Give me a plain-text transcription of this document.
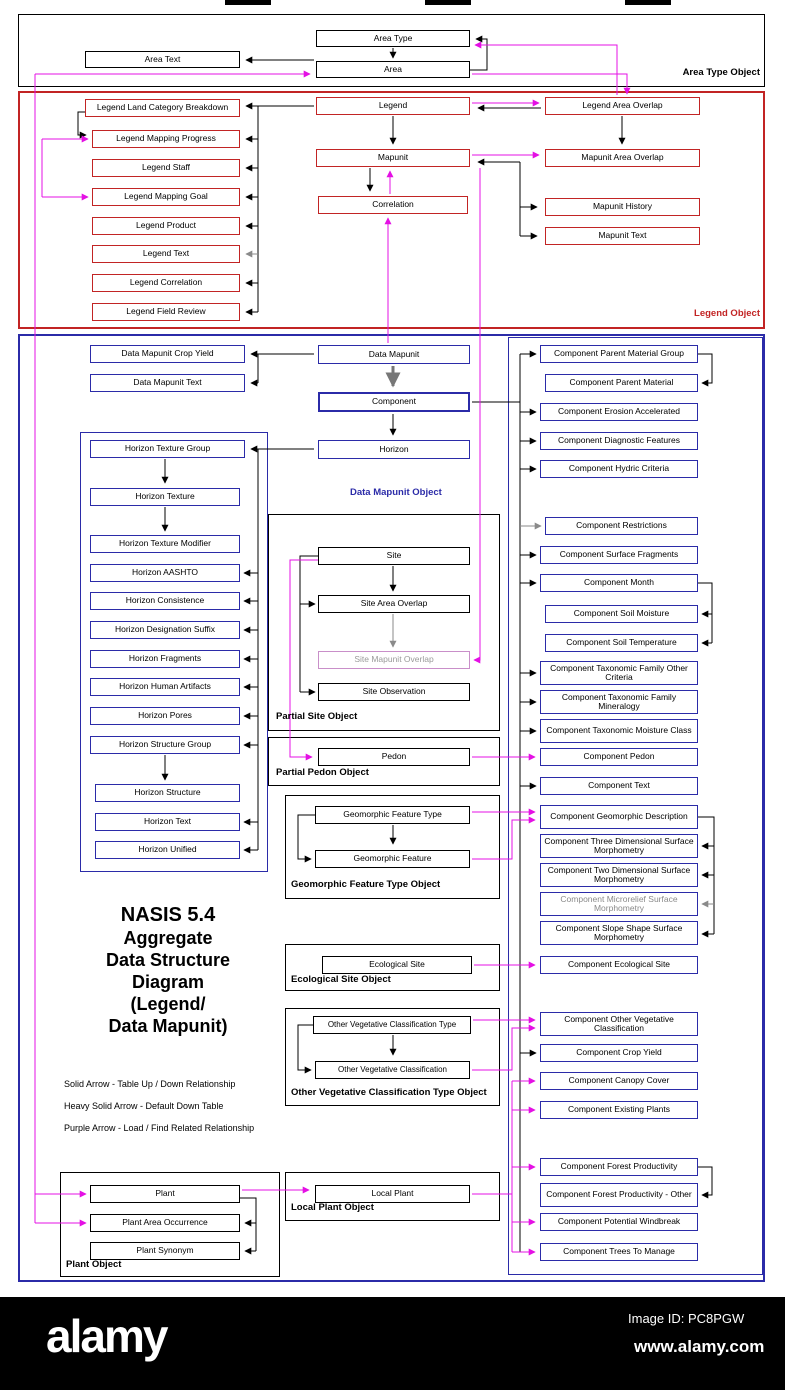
Area Type
Area Text
Area
Legend Land Category Breakdown
Legend Mapping Progress
Legend Staff
Legend Mapping Goal
Legend Product
Legend Text
Legend Correlation
Legend Field Review
Legend
Mapunit
Correlation
Legend Area Overlap
Mapunit Area Overlap
Mapunit History
Mapunit Text
Data Mapunit
Component
Horizon
Data Mapunit Crop Yield
Data Mapunit Text
Horizon Texture Group
Horizon Texture
Horizon Texture Modifier
Horizon AASHTO
Horizon Consistence
Horizon Designation Suffix
Horizon Fragments
Horizon Human Artifacts
Horizon Pores
Horizon Structure Group
Horizon Structure
Horizon Text
Horizon Unified
Site
Site Area Overlap
Site Mapunit Overlap
Site Observation
Pedon
Geomorphic Feature Type
Geomorphic Feature
Ecological Site
Other Vegetative Classification Type
Other Vegetative Classification
Plant
Plant Area Occurrence
Plant Synonym
Local Plant
Component Parent Material Group
Component Parent Material
Component Erosion Accelerated
Component Diagnostic Features
Component Hydric Criteria
Component Restrictions
Component Surface Fragments
Component Month
Component Soil Moisture
Component Soil Temperature
Component Taxonomic Family Other Criteria
Component Taxonomic Family Mineralogy
Component Taxonomic Moisture Class
Component Pedon
Component Text
Component Geomorphic Description
Component Three Dimensional Surface Morphometry
Component Two Dimensional Surface Morphometry
Component Microrelief Surface Morphometry
Component Slope Shape Surface Morphometry
Component Ecological Site
Component Other Vegetative Classification
Component Crop Yield
Component Canopy Cover
Component Existing Plants
Component Forest Productivity
Component Forest Productivity - Other
Component Potential Windbreak
Component Trees To Manage
Area Type Object
Legend Object
Data Mapunit Object
Partial Site Object
Partial Pedon Object
Geomorphic Feature Type Object
Ecological Site Object
Other Vegetative Classification Type Object
Plant Object
Local Plant Object
NASIS 5.4
Aggregate
Data Structure
Diagram
(Legend/
Data Mapunit)
Solid Arrow - Table Up / Down Relationship
Heavy Solid Arrow - Default Down Table
Purple Arrow - Load / Find Related Relationship
alamy	Image ID: PC8PGW
www.alamy.com
